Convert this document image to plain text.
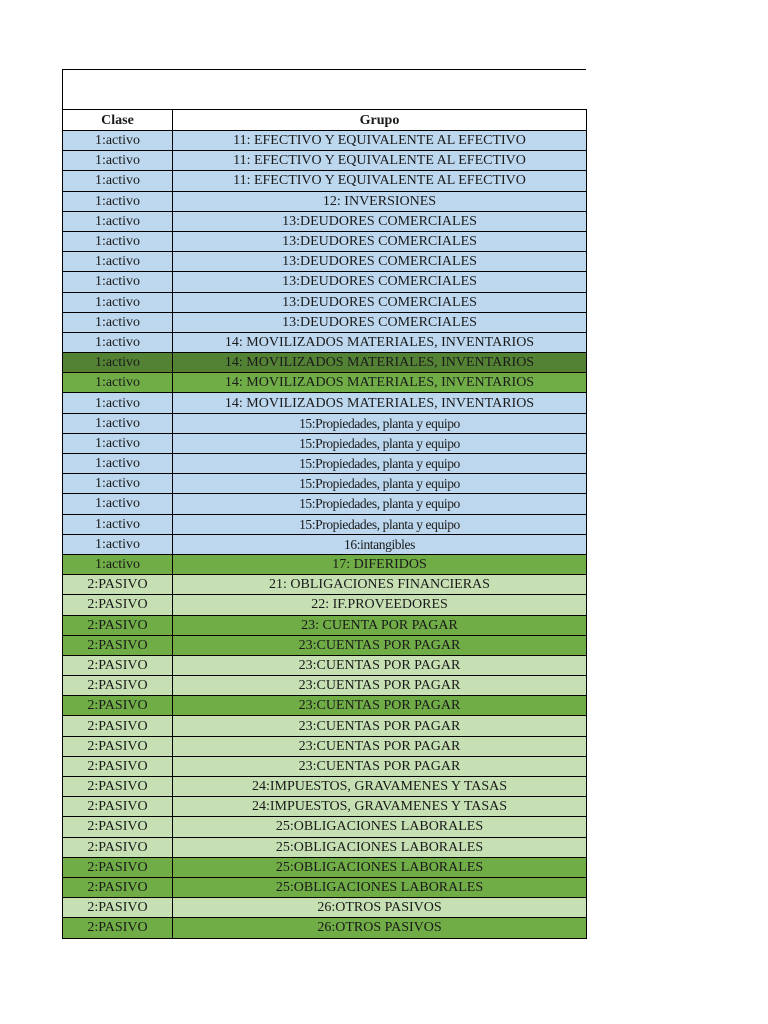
Clase	Grupo
1:activo	11: EFECTIVO Y EQUIVALENTE AL EFECTIVO
1:activo	11: EFECTIVO Y EQUIVALENTE AL EFECTIVO
1:activo	11: EFECTIVO Y EQUIVALENTE AL EFECTIVO
1:activo	12: INVERSIONES
1:activo	13:DEUDORES COMERCIALES
1:activo	13:DEUDORES COMERCIALES
1:activo	13:DEUDORES COMERCIALES
1:activo	13:DEUDORES COMERCIALES
1:activo	13:DEUDORES COMERCIALES
1:activo	13:DEUDORES COMERCIALES
1:activo	14: MOVILIZADOS MATERIALES, INVENTARIOS
1:activo	14: MOVILIZADOS MATERIALES, INVENTARIOS
1:activo	14: MOVILIZADOS MATERIALES, INVENTARIOS
1:activo	14: MOVILIZADOS MATERIALES, INVENTARIOS
1:activo	15:Propiedades, planta y equipo
1:activo	15:Propiedades, planta y equipo
1:activo	15:Propiedades, planta y equipo
1:activo	15:Propiedades, planta y equipo
1:activo	15:Propiedades, planta y equipo
1:activo	15:Propiedades, planta y equipo
1:activo	16:intangibles
1:activo	17: DIFERIDOS
2:PASIVO	21: OBLIGACIONES FINANCIERAS
2:PASIVO	22: IF.PROVEEDORES
2:PASIVO	23: CUENTA POR PAGAR
2:PASIVO	23:CUENTAS POR PAGAR
2:PASIVO	23:CUENTAS POR PAGAR
2:PASIVO	23:CUENTAS POR PAGAR
2:PASIVO	23:CUENTAS POR PAGAR
2:PASIVO	23:CUENTAS POR PAGAR
2:PASIVO	23:CUENTAS POR PAGAR
2:PASIVO	23:CUENTAS POR PAGAR
2:PASIVO	24:IMPUESTOS, GRAVAMENES Y TASAS
2:PASIVO	24:IMPUESTOS, GRAVAMENES Y TASAS
2:PASIVO	25:OBLIGACIONES LABORALES
2:PASIVO	25:OBLIGACIONES LABORALES
2:PASIVO	25:OBLIGACIONES LABORALES
2:PASIVO	25:OBLIGACIONES LABORALES
2:PASIVO	26:OTROS PASIVOS
2:PASIVO	26:OTROS PASIVOS
